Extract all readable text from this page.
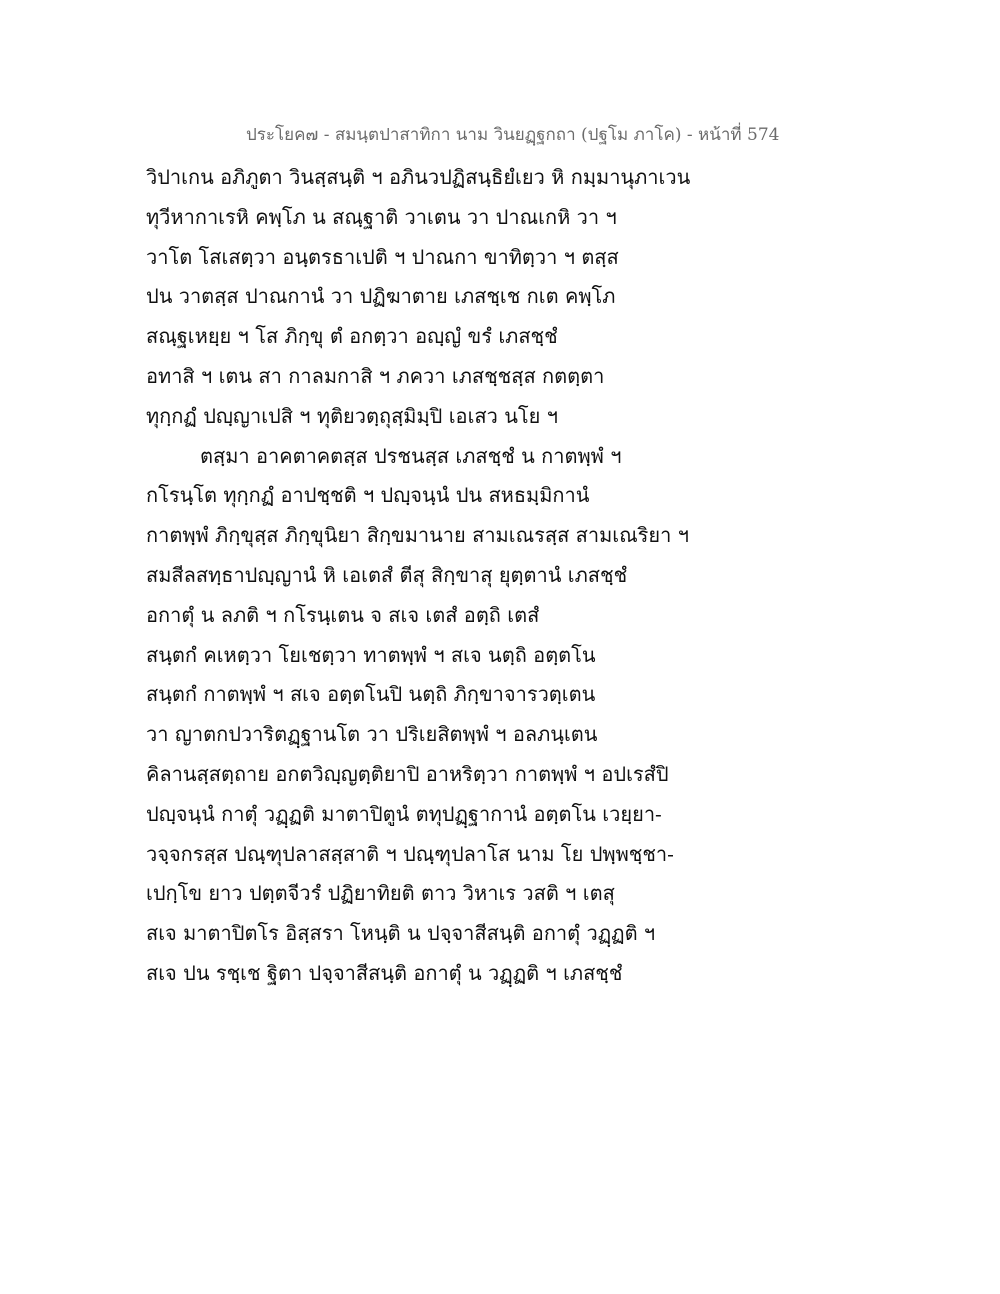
ประโยค๗ - สมนฺตปาสาทิกา นาม วินยฏฺฐกถา (ปฐโม ภาโค) - หน้าที่ 574
วิปาเกน อภิภูตา วินสฺสนฺติ ฯ อภินวปฏิสนฺธิยํเยว หิ กมฺมานุภาเวน
ทุวีหากาเรหิ คพฺโภ น สณฺฐาติ วาเตน วา ปาณเกหิ วา ฯ
วาโต โสเสตฺวา อนฺตรธาเปติ ฯ ปาณกา ขาทิตฺวา ฯ ตสฺส
ปน วาตสฺส ปาณกานํ วา ปฏิฆาตาย เภสชฺเช กเต คพฺโภ
สณฺฐเหยฺย ฯ โส ภิกฺขุ ตํ อกตฺวา อญฺญํ ขรํ เภสชฺชํ
อทาสิ ฯ เตน สา กาลมกาสิ ฯ ภควา เภสชฺชสฺส กตตฺตา
ทุกฺกฏํ ปญฺญาเปสิ ฯ ทุติยวตฺถุสฺมิมฺปิ เอเสว นโย ฯ
ตสฺมา อาคตาคตสฺส ปรชนสฺส เภสชฺชํ น กาตพฺพํ ฯ
กโรนฺโต ทุกฺกฏํ อาปชฺชติ ฯ ปญฺจนฺนํ ปน สหธมฺมิกานํ
กาตพฺพํ ภิกฺขุสฺส ภิกฺขุนิยา สิกฺขมานาย สามเณรสฺส สามเณริยา ฯ
สมสีลสทฺธาปญฺญานํ หิ เอเตสํ ตีสุ สิกฺขาสุ ยุตฺตานํ เภสชฺชํ
อกาตุํ น ลภติ ฯ กโรนฺเตน จ สเจ เตสํ อตฺถิ เตสํ
สนฺตกํ คเหตฺวา โยเชตฺวา ทาตพฺพํ ฯ สเจ นตฺถิ อตฺตโน
สนฺตกํ กาตพฺพํ ฯ สเจ อตฺตโนปิ นตฺถิ ภิกฺขาจารวตฺเตน
วา ญาตกปวาริตฏฺฐานโต วา ปริเยสิตพฺพํ ฯ อลภนฺเตน
คิลานสฺสตฺถาย อกตวิญฺญตฺติยาปิ อาหริตฺวา กาตพฺพํ ฯ อปเรสํปิ
ปญฺจนฺนํ กาตุํ วฏฺฏติ มาตาปิตูนํ ตทุปฏฺฐากานํ อตฺตโน เวยฺยา-
วจฺจกรสฺส ปณฺฑุปลาสสฺสาติ ฯ ปณฺฑุปลาโส นาม โย ปพฺพชฺชา-
เปกฺโข ยาว ปตฺตจีวรํ ปฏิยาทิยติ ตาว วิหาเร วสติ ฯ เตสุ
สเจ มาตาปิตโร อิสฺสรา โหนฺติ น ปจฺจาสีสนฺติ อกาตุํ วฏฺฏติ ฯ
สเจ ปน รชฺเช ฐิตา ปจฺจาสีสนฺติ อกาตุํ น วฏฺฏติ ฯ เภสชฺชํ
